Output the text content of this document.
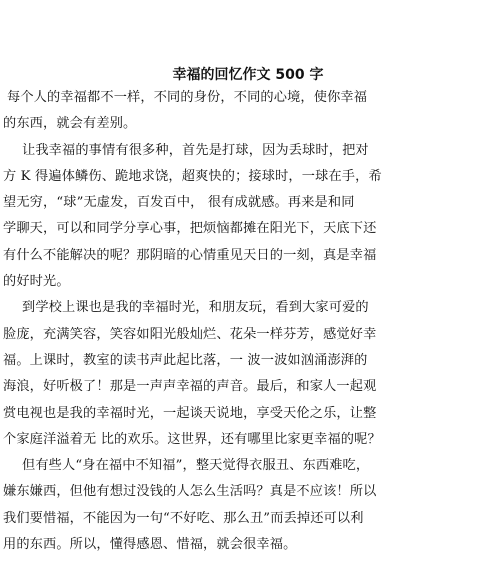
幸福的回忆作文 500 字
每个人的幸福都不一样，不同的身份，不同的心境，使你幸福
的东西，就会有差别。
让我幸福的事情有很多种，首先是打球，因为丢球时，把对
方 K 得遍体鳞伤、跪地求饶，超爽快的；接球时，一球在手，希
望无穷，“球”无虚发，百发百中， 很有成就感。再来是和同
学聊天，可以和同学分享心事，把烦恼都摊在阳光下，天底下还
有什么不能解决的呢？那阴暗的心情重见天日的一刻，真是幸福
的好时光。
到学校上课也是我的幸福时光，和朋友玩，看到大家可爱的
脸庞，充满笑容，笑容如阳光般灿烂、花朵一样芬芳，感觉好幸
福。上课时，教室的读书声此起比落，一 波一波如汹涌澎湃的
海浪，好听极了！那是一声声幸福的声音。最后，和家人一起观
赏电视也是我的幸福时光，一起谈天说地，享受天伦之乐，让整
个家庭洋溢着无 比的欢乐。这世界，还有哪里比家更幸福的呢？
但有些人“身在福中不知福”，整天觉得衣服丑、东西难吃，
嫌东嫌西，但他有想过没钱的人怎么生活吗？真是不应该！所以
我们要惜福，不能因为一句“不好吃、那么丑”而丢掉还可以利
用的东西。所以，懂得感恩、惜福，就会很幸福。
